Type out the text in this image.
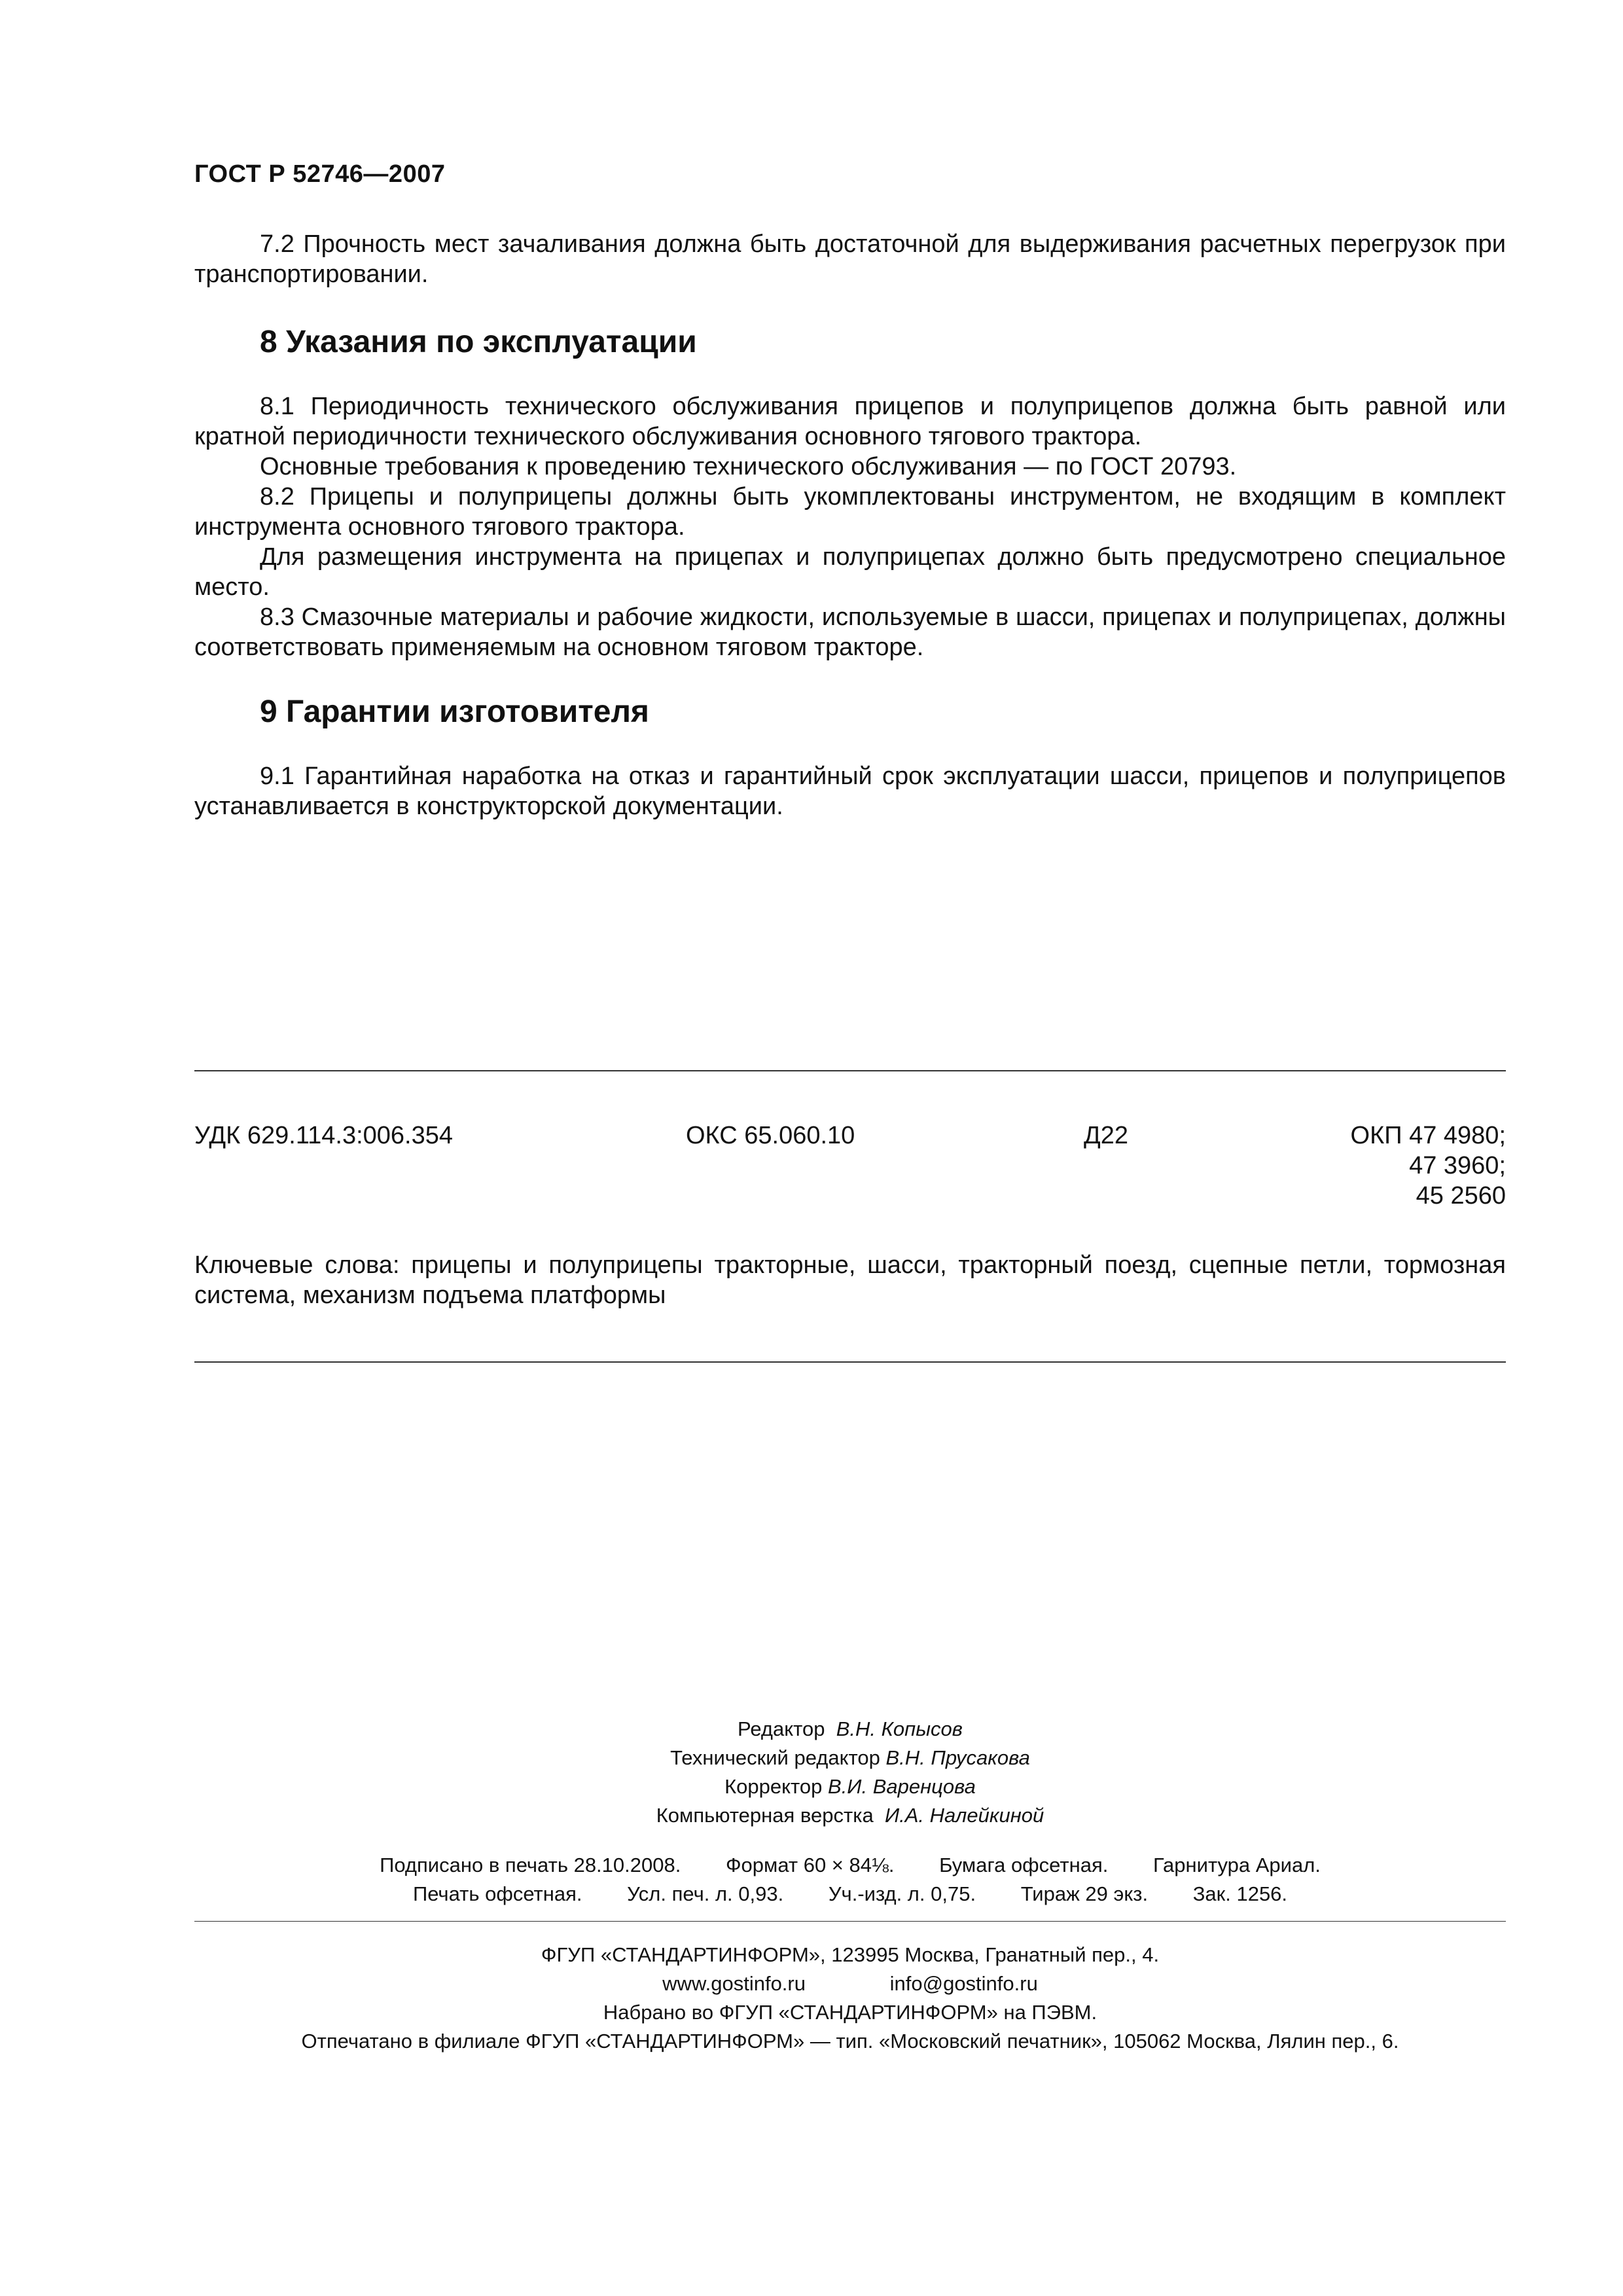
ГОСТ Р 52746—2007

7.2 Прочность мест зачаливания должна быть достаточной для выдерживания расчетных перегрузок при транспортировании.

8 Указания по эксплуатации

8.1 Периодичность технического обслуживания прицепов и полуприцепов должна быть равной или кратной периодичности технического обслуживания основного тягового трактора.

Основные требования к проведению технического обслуживания — по ГОСТ 20793.

8.2 Прицепы и полуприцепы должны быть укомплектованы инструментом, не входящим в комплект инструмента основного тягового трактора.

Для размещения инструмента на прицепах и полуприцепах должно быть предусмотрено специальное место.

8.3 Смазочные материалы и рабочие жидкости, используемые в шасси, прицепах и полуприцепах, должны соответствовать применяемым на основном тяговом тракторе.

9 Гарантии изготовителя

9.1 Гарантийная наработка на отказ и гарантийный срок эксплуатации шасси, прицепов и полуприцепов устанавливается в конструкторской документации.

УДК 629.114.3:006.354	ОКС 65.060.10	Д22	ОКП 47 4980;
47 3960;
45 2560

Ключевые слова: прицепы и полуприцепы тракторные, шасси, тракторный поезд, сцепные петли, тормозная система, механизм подъема платформы

Редактор В.Н. Копысов
Технический редактор В.Н. Прусакова
Корректор В.И. Варенцова
Компьютерная верстка И.А. Налейкиной
Подписано в печать 28.10.2008. Формат 60 × 84⅛. Бумага офсетная. Гарнитура Ариал.
Печать офсетная. Усл. печ. л. 0,93. Уч.-изд. л. 0,75. Тираж 29 экз. Зак. 1256.
ФГУП «СТАНДАРТИНФОРМ», 123995 Москва, Гранатный пер., 4.
www.gostinfo.ru	info@gostinfo.ru
Набрано во ФГУП «СТАНДАРТИНФОРМ» на ПЭВМ.
Отпечатано в филиале ФГУП «СТАНДАРТИНФОРМ» — тип. «Московский печатник», 105062 Москва, Лялин пер., 6.
